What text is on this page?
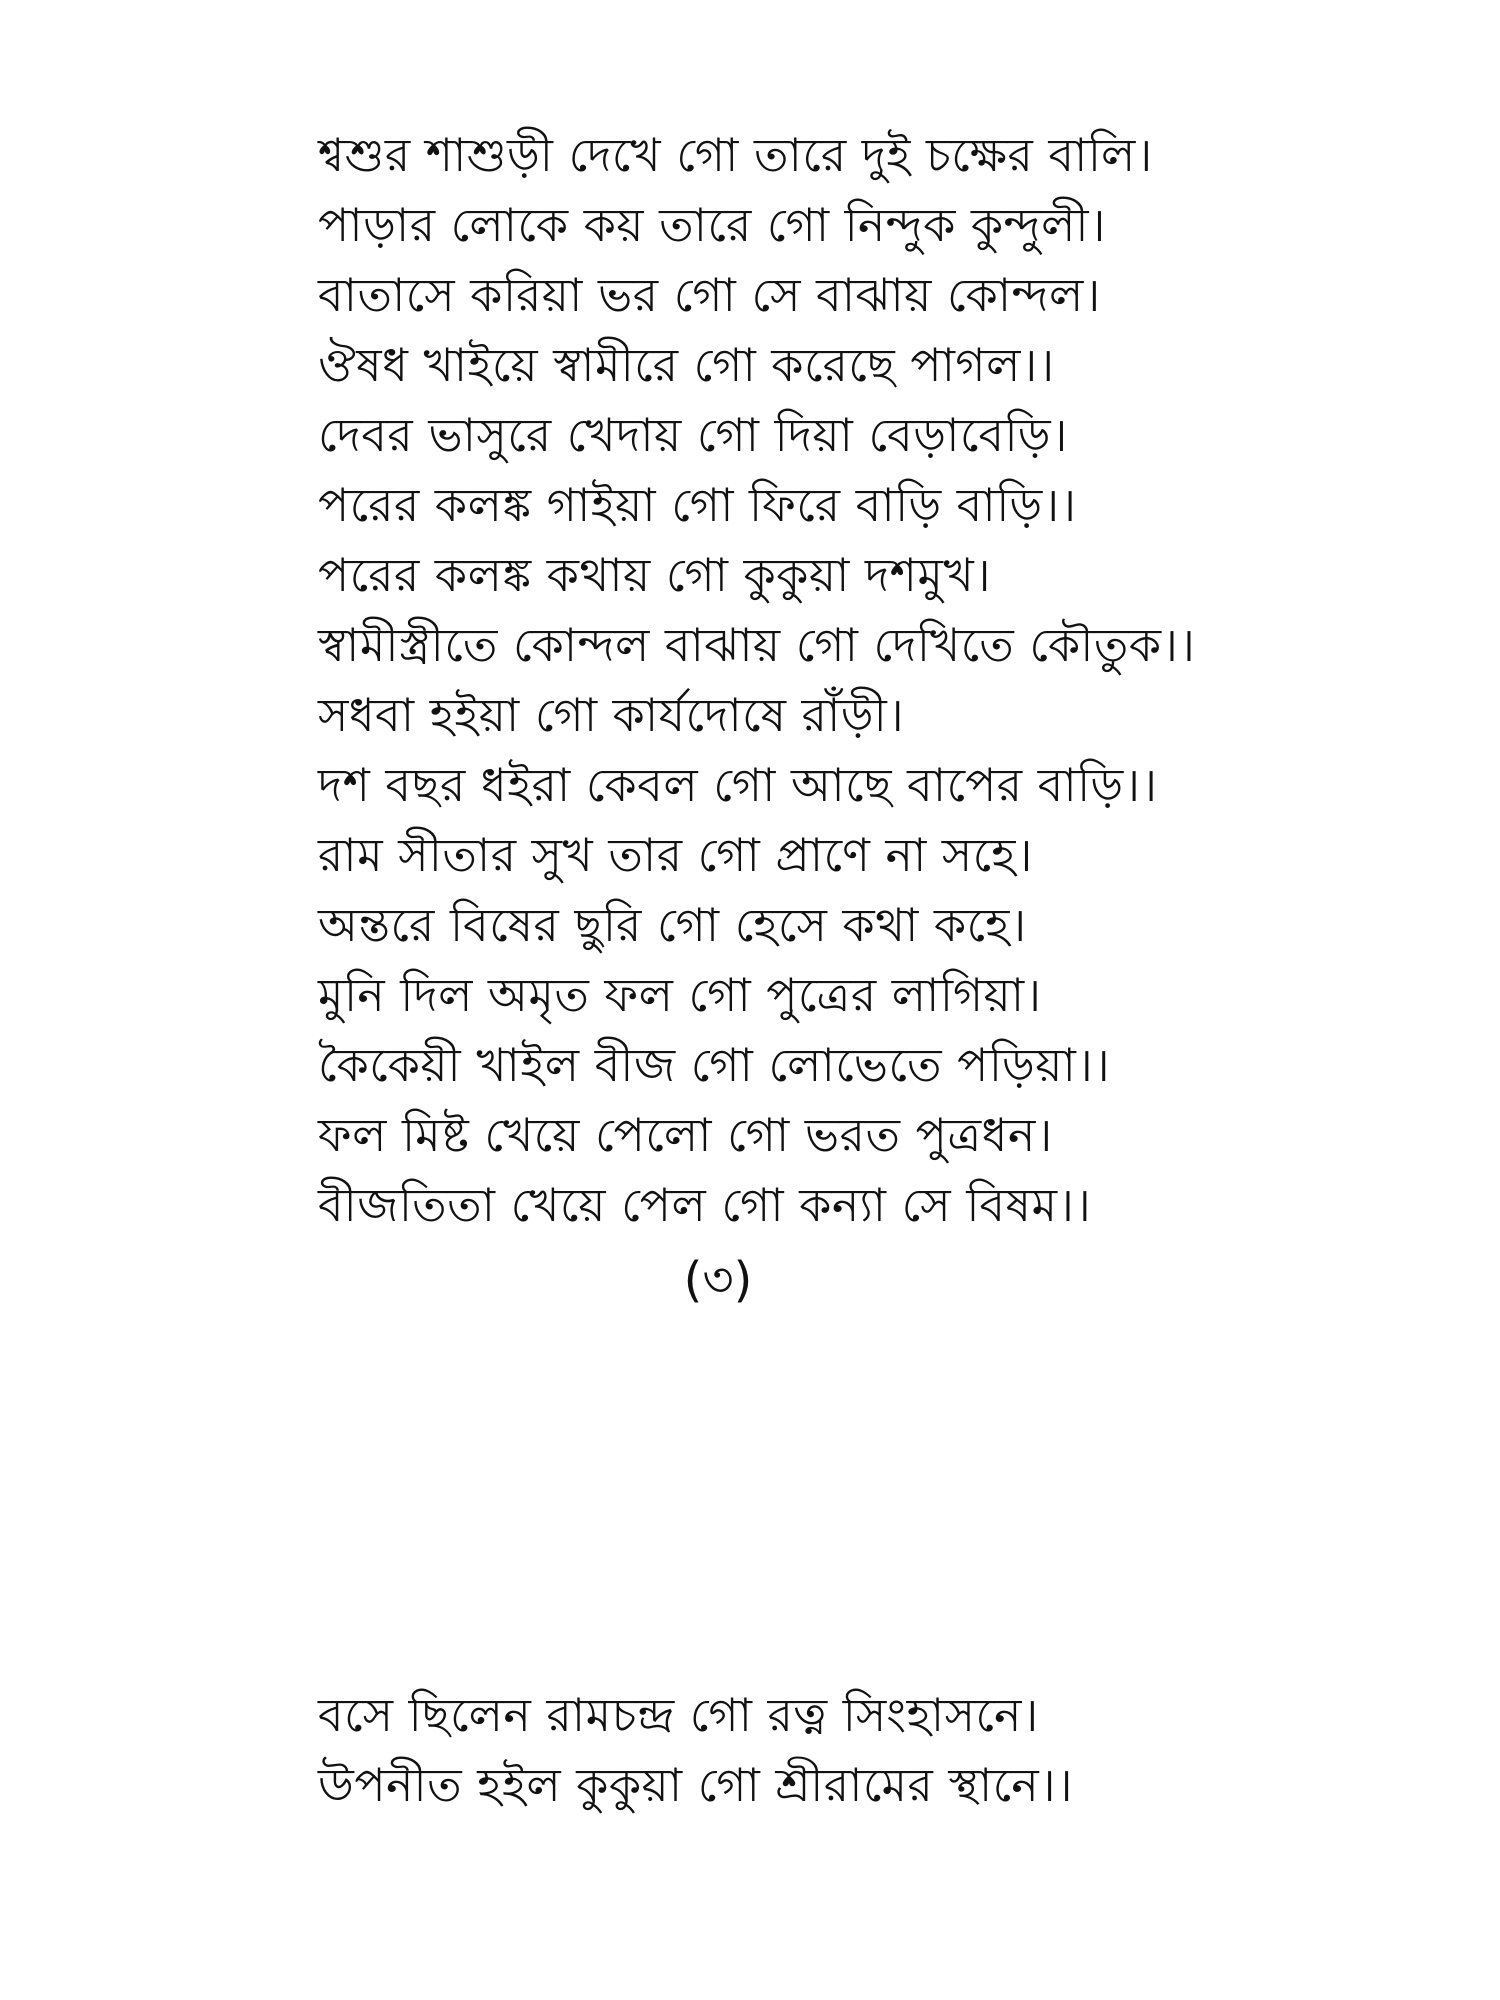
শ্বশুর শাশুড়ী দেখে গো তারে দুই চক্ষের বালি।
পাড়ার লোকে কয় তারে গো নিন্দুক কুন্দুলী।
বাতাসে করিয়া ভর গো সে বাঝায় কোন্দল।
ঔষধ খাইয়ে স্বামীরে গো করেছে পাগল।।
দেবর ভাসুরে খেদায় গো দিয়া বেড়াবেড়ি।
পরের কলঙ্ক গাইয়া গো ফিরে বাড়ি বাড়ি।।
পরের কলঙ্ক কথায় গো কুকুয়া দশমুখ।
স্বামীস্ত্রীতে কোন্দল বাঝায় গো দেখিতে কৌতুক।।
সধবা হইয়া গো কার্যদোষে রাঁড়ী।
দশ বছর ধইরা কেবল গো আছে বাপের বাড়ি।।
রাম সীতার সুখ তার গো প্রাণে না সহে।
অন্তরে বিষের ছুরি গো হেসে কথা কহে।
মুনি দিল অমৃত ফল গো পুত্রের লাগিয়া।
কৈকেয়ী খাইল বীজ গো লোভেতে পড়িয়া।।
ফল মিষ্ট খেয়ে পেলো গো ভরত পুত্রধন।
বীজতিতা খেয়ে পেল গো কন্যা সে বিষম।।
(৩)
বসে ছিলেন রামচন্দ্র গো রত্ন সিংহাসনে।
উপনীত হইল কুকুয়া গো শ্রীরামের স্থানে।।
